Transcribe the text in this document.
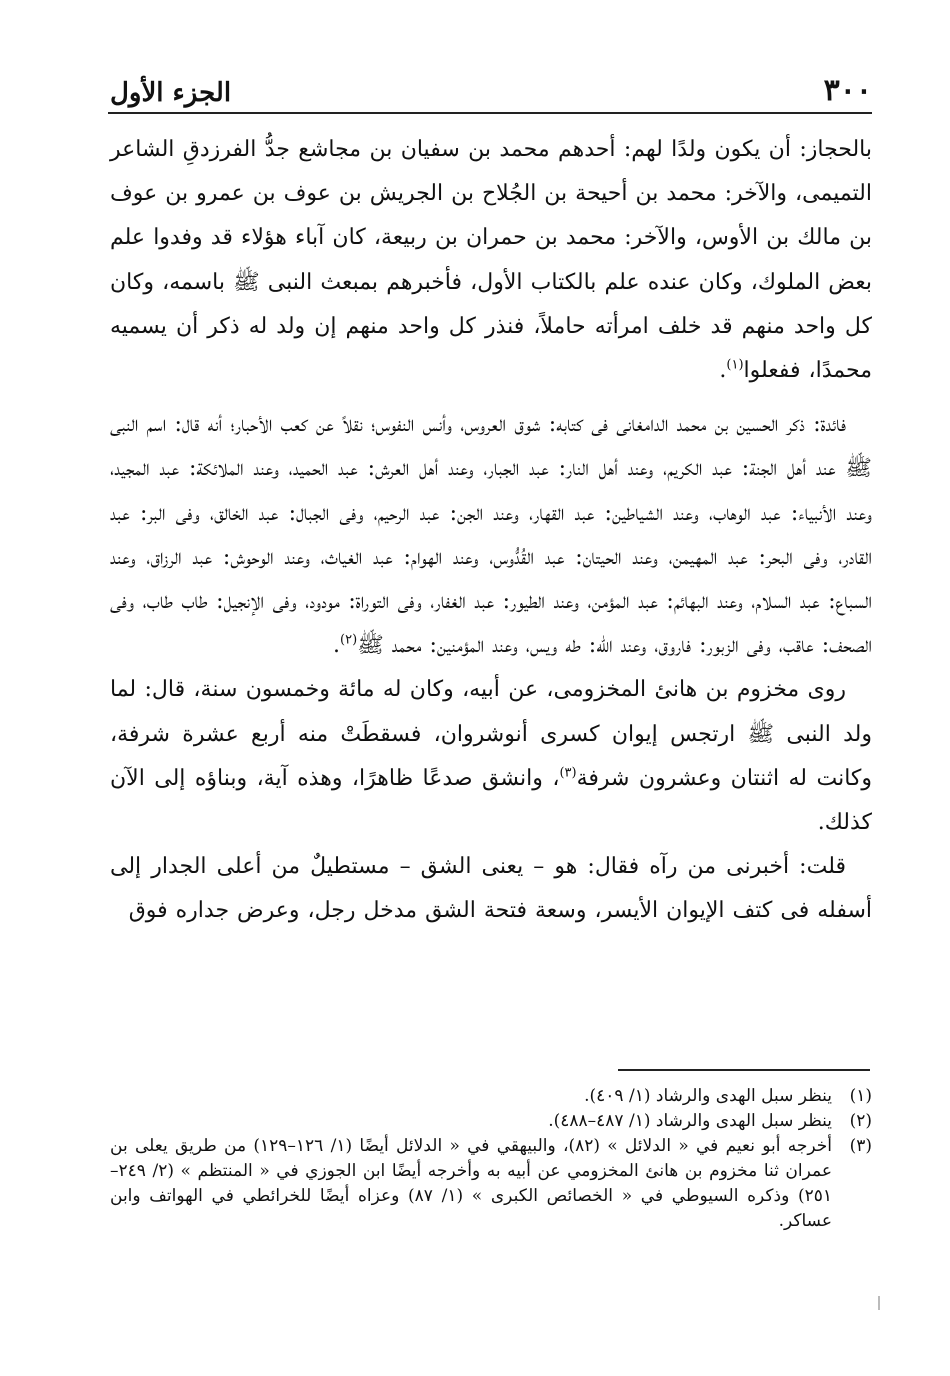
٣٠٠
الجزء الأول

بالحجاز: أن يكون ولدًا لهم: أحدهم محمد بن سفيان بن مجاشع جدُّ الفرزدقِ الشاعر التميمى، والآخر: محمد بن أحيحة بن الجُلاح بن الجريش بن عوف بن عمرو بن عوف بن مالك بن الأوس، والآخر: محمد بن حمران بن ربيعة، كان آباء هؤلاء قد وفدوا علم بعض الملوك، وكان عنده علم بالكتاب الأول، فأخبرهم بمبعث النبى ﷺ باسمه، وكان كل واحد منهم قد خلف امرأته حاملاً، فنذر كل واحد منهم إن ولد له ذكر أن يسميه محمدًا، ففعلوا$^{(١)}$.

فائدة: ذكر الحسين بن محمد الدامغانى فى كتابه: شوق العروس، وأنس النفوس؛ نقلاً عن كعب الأحبار؛ أنه قال: اسم النبى ﷺ عند أهل الجنة: عبد الكريم، وعند أهل النار: عبد الجبار، وعند أهل العرش: عبد الحميد، وعند الملائكة: عبد المجيد، وعند الأنبياء: عبد الوهاب، وعند الشياطين: عبد القهار، وعند الجن: عبد الرحيم، وفى الجبال: عبد الخالق، وفى البر: عبد القادر، وفى البحر: عبد المهيمن، وعند الحيتان: عبد القُدُّوس، وعند الهوام: عبد الغياث، وعند الوحوش: عبد الرزاق، وعند السباع: عبد السلام، وعند البهائم: عبد المؤمن، وعند الطيور: عبد الغفار، وفى التوراة: مودود، وفى الإنجيل: طاب طاب، وفى الصحف: عاقب، وفى الزبور: فاروق، وعند الله: طه ويس، وعند المؤمنين: محمد ﷺ$^{(٢)}$.

روى مخزوم بن هانئ المخزومى، عن أبيه، وكان له مائة وخمسون سنة، قال: لما ولد النبى ﷺ ارتجس إيوان كسرى أنوشروان، فسقطَتْ منه أربع عشرة شرفة، وكانت له اثنتان وعشرون شرفة$^{(٣)}$، وانشق صدعًا ظاهرًا، وهذه آية، وبناؤه إلى الآن كذلك.

قلت: أخبرنى من رآه فقال: هو – يعنى الشق – مستطيلٌ من أعلى الجدار إلى أسفله فى كتف الإيوان الأيسر، وسعة فتحة الشق مدخل رجل، وعرض جداره فوق

(١)
ينظر سبل الهدى والرشاد (١/ ٤٠٩).

(٢)
ينظر سبل الهدى والرشاد (١/ ٤٨٧–٤٨٨).

(٣)
أخرجه أبو نعيم في « الدلائل » (٨٢)، والبيهقي في « الدلائل أيضًا (١/ ١٢٦–١٢٩) من طريق يعلى بن عمران ثنا مخزوم بن هانئ المخزومي عن أبيه به وأخرجه أيضًا ابن الجوزي في « المنتظم » (٢/ ٢٤٩–٢٥١) وذكره السيوطي في « الخصائص الكبرى » (١/ ٨٧) وعزاه أيضًا للخرائطي في الهواتف وابن عساكر.
